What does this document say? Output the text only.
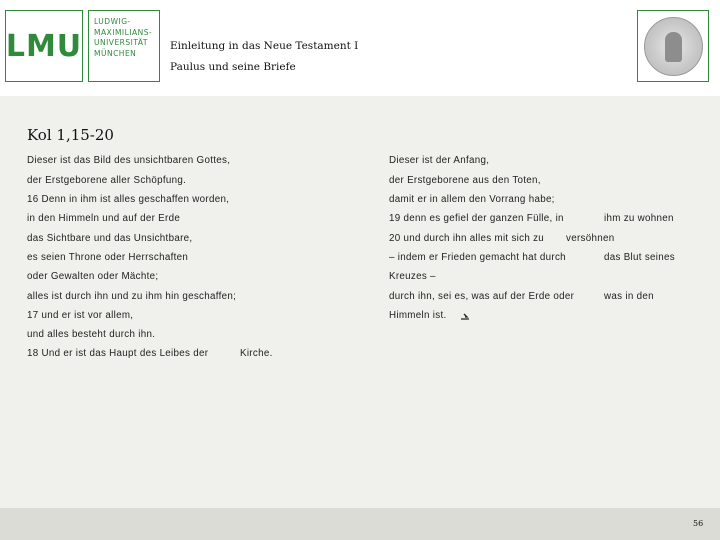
LMU
LUDWIG-
MAXIMILIANS-
UNIVERSITÄT
MÜNCHEN
Einleitung in das Neue Testament I
Paulus und seine Briefe
Kol 1,15-20
Dieser ist das Bild des unsichtbaren Gottes,
der Erstgeborene aller Schöpfung.
16 Denn in ihm ist alles geschaffen worden,
in den Himmeln und auf der Erde
das Sichtbare und das Unsichtbare,
es seien Throne oder Herrschaften
oder Gewalten oder Mächte;
alles ist durch ihn und zu ihm hin geschaffen;
17 und er ist vor allem,
und alles besteht durch ihn.
18 Und er ist das Haupt des Leibes der	Kirche.
Dieser ist der Anfang,
der Erstgeborene aus den Toten,
damit er in allem den Vorrang habe;
19 denn es gefiel der ganzen Fülle, in	ihm zu wohnen
20 und durch ihn alles mit sich zu versöhnen
– indem er Frieden gemacht hat durch	das Blut seines
Kreuzes –
durch ihn, sei es, was auf der Erde oder	was in den
Himmeln ist.
56
